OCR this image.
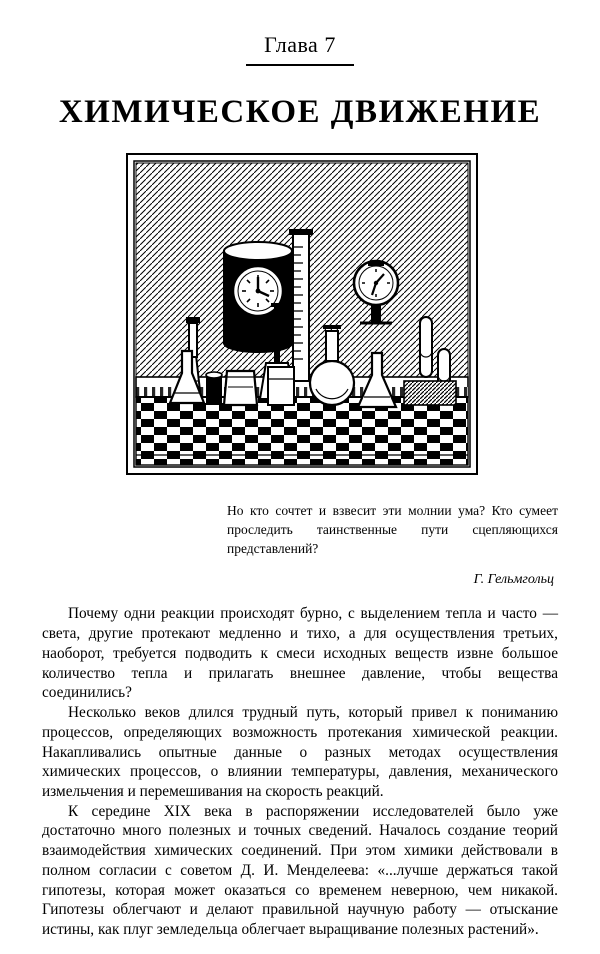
Глава 7
ХИМИЧЕСКОЕ ДВИЖЕНИЕ
Но кто сочтет и взвесит эти молнии ума? Кто сумеет проследить таинственные пути сцепляющихся представлений?
Г. Гельмгольц

Почему одни реакции происходят бурно, с выделением тепла и часто — света, другие протекают медленно и тихо, а для осуществления третьих, наоборот, требуется подводить к смеси исходных веществ извне большое количество тепла и прилагать внешнее давление, чтобы вещества соединились?

Несколько веков длился трудный путь, который привел к пониманию процессов, определяющих возможность протекания химической реакции. Накапливались опытные данные о разных методах осуществления химических процессов, о влиянии температуры, давления, механического измельчения и перемешивания на скорость реакций.

К середине XIX века в распоряжении исследователей было уже достаточно много полезных и точных сведений. Началось создание теорий взаимодействия химических соединений. При этом химики действовали в полном согласии с советом Д. И. Менделеева: «...лучше держаться такой гипотезы, которая может оказаться со временем неверною, чем никакой. Гипотезы облегчают и делают правильной научную работу — отыскание истины, как плуг земледельца облегчает выращивание полезных растений».
